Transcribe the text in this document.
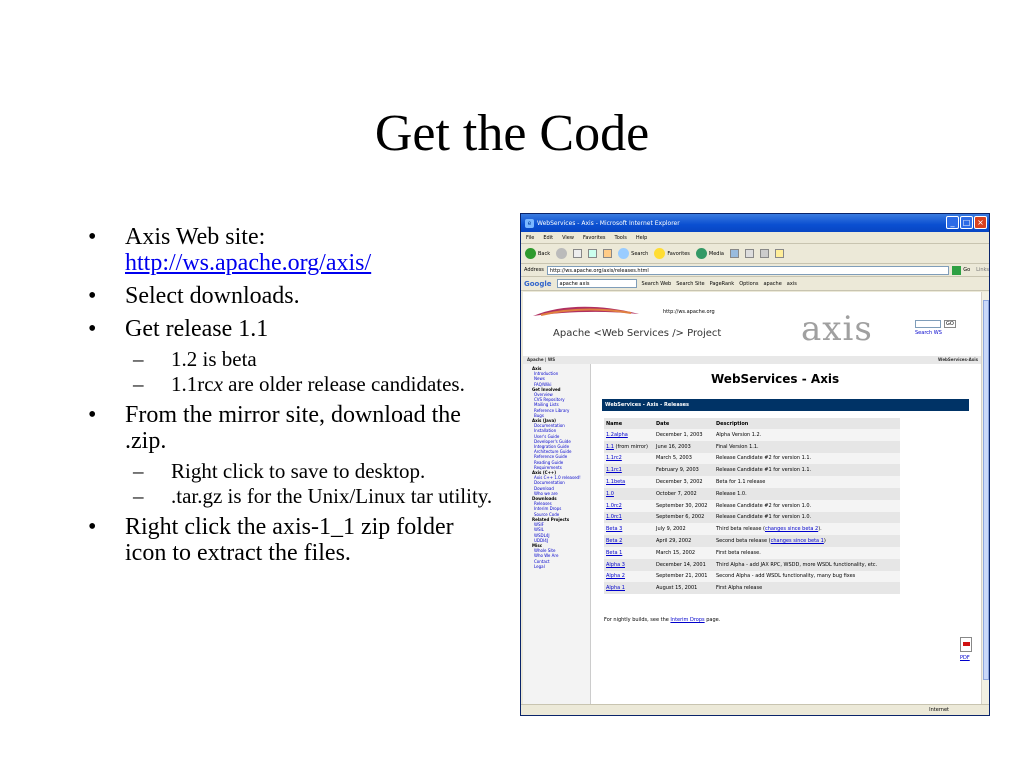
Get the Code
• Axis Web site:
http://ws.apache.org/axis/
• Select downloads.
• Get release 1.1
– 1.2 is beta
– 1.1rcx are older release candidates.
• From the mirror site, download the .zip.
– Right click to save to desktop.
– .tar.gz is for the Unix/Linux tar utility.
• Right click the axis-1_1 zip folder icon to extract the files.
e WebServices - Axis - Microsoft Internet Explorer	_	□ ×
File Edit View Favorites Tools Help
Back	Search	Favorites	Media
Address	http://ws.apache.org/axis/releases.html	Go Links
Google	apache axis	Search Web Search Site PageRank Options apache axis
http://ws.apache.org
Apache <Web Services /> Project axis	GO
Search WS
Apache | WS	WebServices-Axis
Axis
Introduction
News
FAQ/Wiki
Get Involved
Overview
CVS Repository
Mailing Lists
Reference Library
Bugs
Axis (Java)
Documentation
Installation
User's Guide
Developer's Guide
Integration Guide
Architecture Guide
Reference Guide
Reading Guide
Requirements
Axis (C++)
Axis C++ 1.0 released!
Documentation
Download
Who we are
Downloads
Releases
Interim Drops
Source Code
Related Projects
WSIF
WSIL
WSDL4J
UDDI4J
Misc
Whole Site
Who We Are
Contact
Legal
WebServices - Axis
WebServices - Axis - Releases
Name	Date	Description
1.2alpha	December 1, 2003	Alpha Version 1.2.
1.1 (from mirror)	June 16, 2003	Final Version 1.1.
1.1rc2	March 5, 2003	Release Candidate #2 for version 1.1.
1.1rc1	February 9, 2003	Release Candidate #1 for version 1.1.
1.1beta	December 3, 2002	Beta for 1.1 release
1.0	October 7, 2002	Release 1.0.
1.0rc2	September 30, 2002	Release Candidate #2 for version 1.0.
1.0rc1	September 6, 2002	Release Candidate #1 for version 1.0.
Beta 3	July 9, 2002	Third beta release (changes since beta 2).
Beta 2	April 29, 2002	Second beta release (changes since beta 1)
Beta 1	March 15, 2002	First beta release.
Alpha 3	December 14, 2001	Third Alpha - add JAX RPC, WSDD, more WSDL functionality, etc.
Alpha 2	September 21, 2001	Second Alpha - add WSDL functionality, many bug fixes
Alpha 1	August 15, 2001	First Alpha release
For nightly builds, see the Interim Drops page.
PDF
Internet
